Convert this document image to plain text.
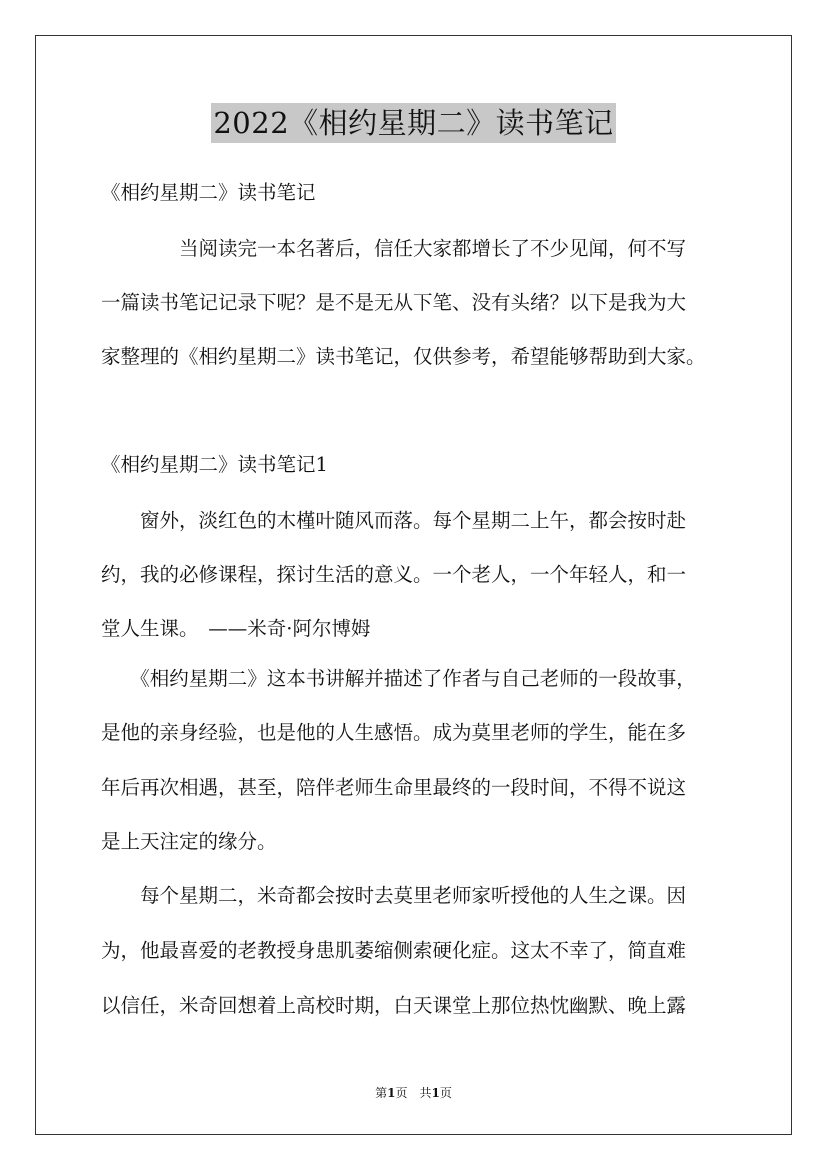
2022《相约星期二》读书笔记
《相约星期二》读书笔记
　　　　当阅读完一本名著后，信任大家都增长了不少见闻，何不写
一篇读书笔记记录下呢？是不是无从下笔、没有头绪？以下是我为大
家整理的《相约星期二》读书笔记，仅供参考，希望能够帮助到大家。
《相约星期二》读书笔记1
　　窗外，淡红色的木槿叶随风而落。每个星期二上午，都会按时赴
约，我的必修课程，探讨生活的意义。一个老人，一个年轻人，和一
堂人生课。　——米奇·阿尔博姆
　　《相约星期二》这本书讲解并描述了作者与自己老师的一段故事，
是他的亲身经验，也是他的人生感悟。成为莫里老师的学生，能在多
年后再次相遇，甚至，陪伴老师生命里最终的一段时间，不得不说这
是上天注定的缘分。
　　每个星期二，米奇都会按时去莫里老师家听授他的人生之课。因
为，他最喜爱的老教授身患肌萎缩侧索硬化症。这太不幸了，简直难
以信任，米奇回想着上高校时期，白天课堂上那位热忱幽默、晚上露
第1页　共1页
